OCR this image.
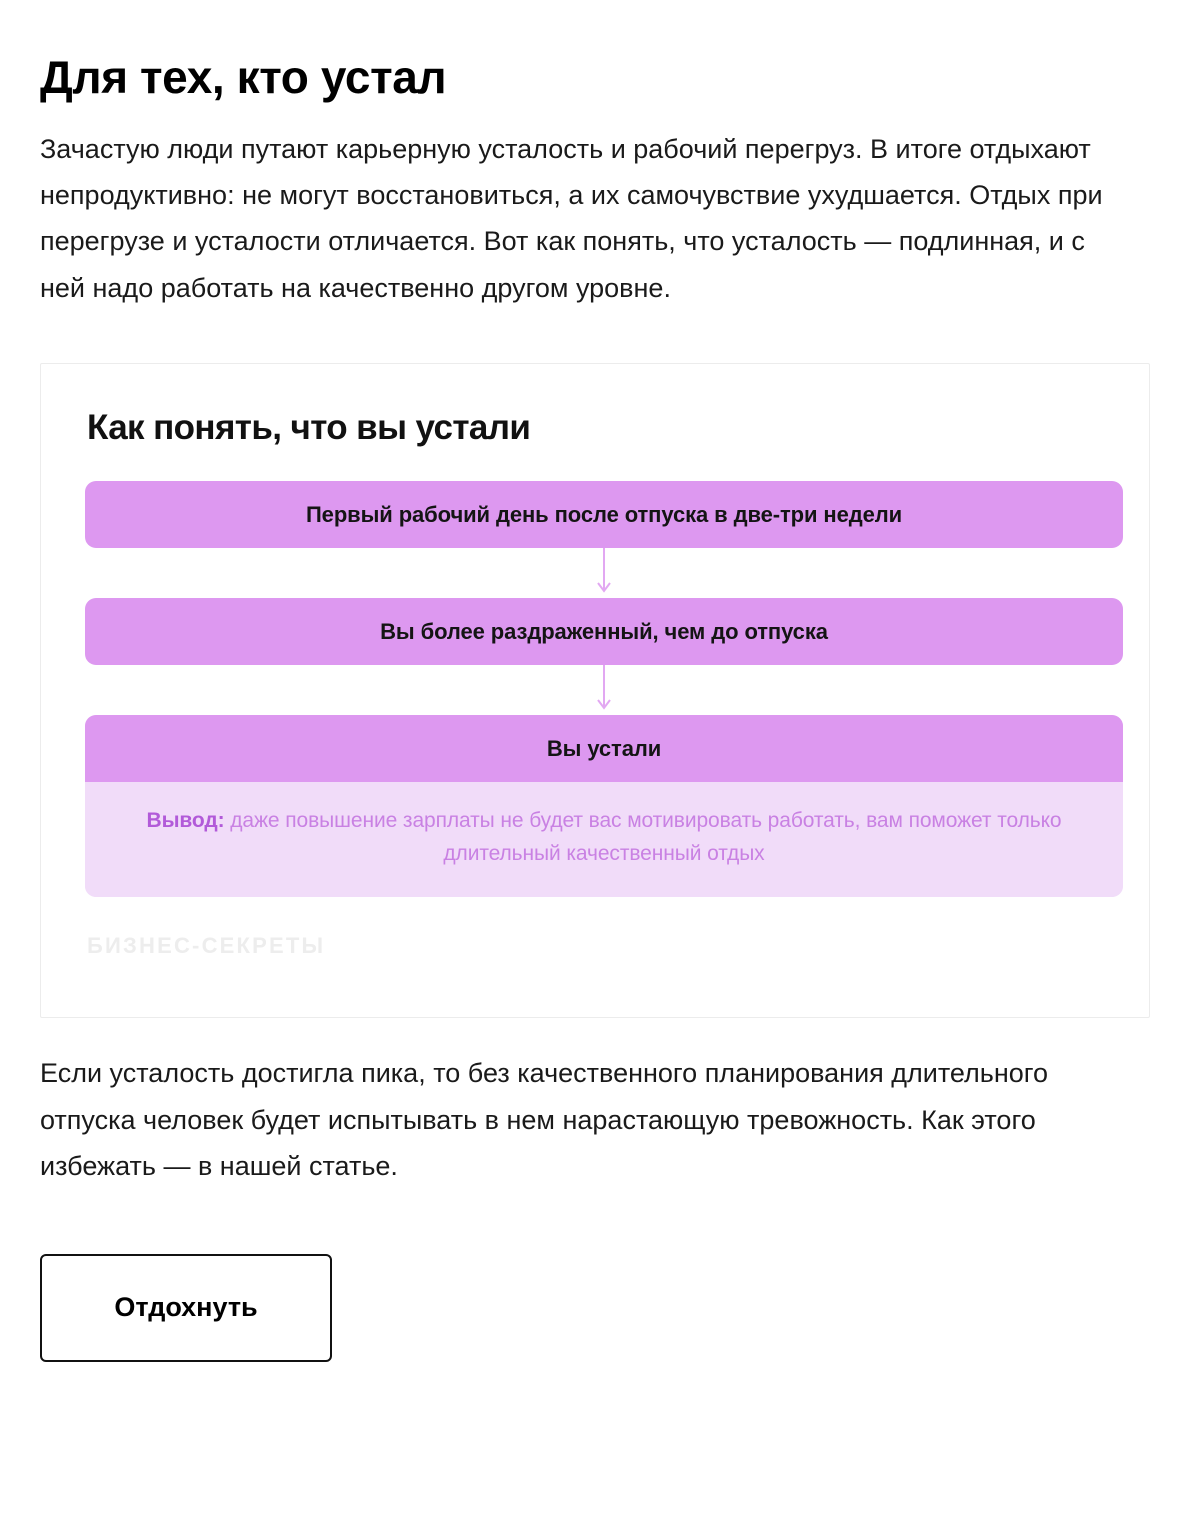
Для тех, кто устал

Зачастую люди путают карьерную усталость и рабочий перегруз. В итоге отдыхают непродуктивно: не могут восстановиться, а их самочувствие ухудшается. Отдых при перегрузе и усталости отличается. Вот как понять, что усталость — подлинная, и с ней надо работать на качественно другом уровне.

Как понять, что вы устали
Первый рабочий день после отпуска в две-три недели
Вы более раздраженный, чем до отпуска
Вы устали
Вывод: даже повышение зарплаты не будет вас мотивировать работать, вам поможет только длительный качественный отдых
БИЗНЕС-СЕКРЕТЫ

Если усталость достигла пика, то без качественного планирования длительного отпуска человек будет испытывать в нем нарастающую тревожность. Как этого избежать — в нашей статье.

Отдохнуть
